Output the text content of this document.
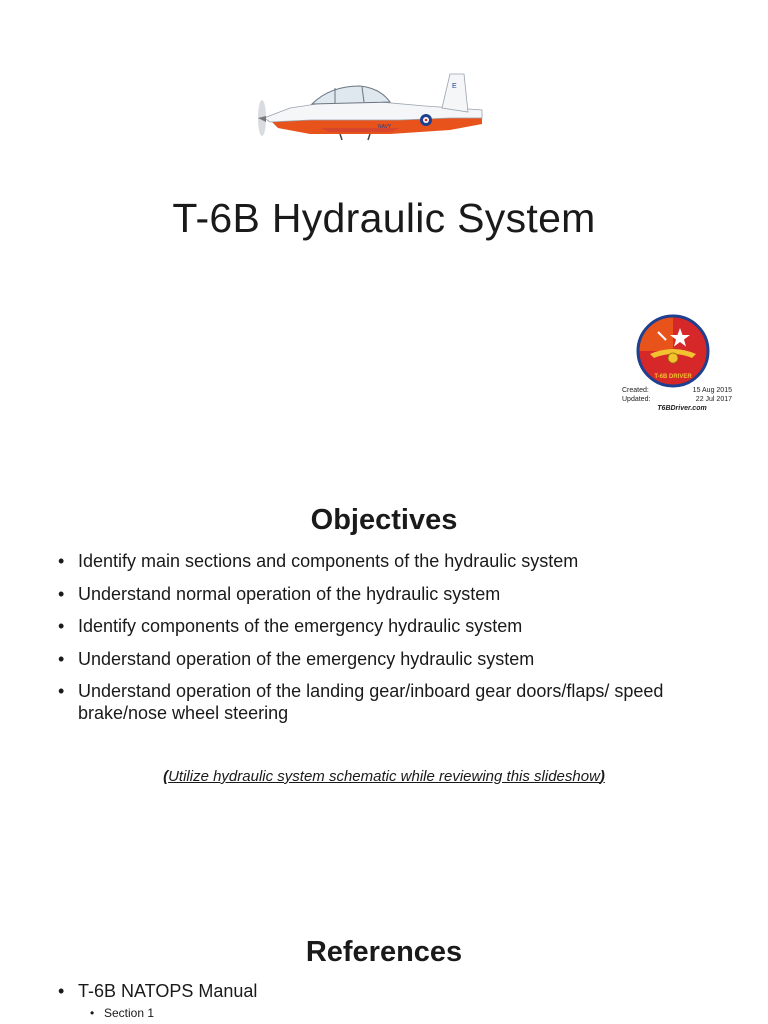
E
NAVY
T-6B Hydraulic System
T-6B DRIVER
Created:	15 Aug 2015
Updated:	22 Jul 2017
T6BDriver.com
Objectives
• Identify main sections and components of the hydraulic system
• Understand normal operation of the hydraulic system
• Identify components of the emergency hydraulic system
• Understand operation of the emergency hydraulic system
• Understand operation of the landing gear/inboard gear doors/flaps/ speed brake/nose wheel steering
(Utilize hydraulic system schematic while reviewing this slideshow)
References
• T-6B NATOPS Manual
• Section 1
